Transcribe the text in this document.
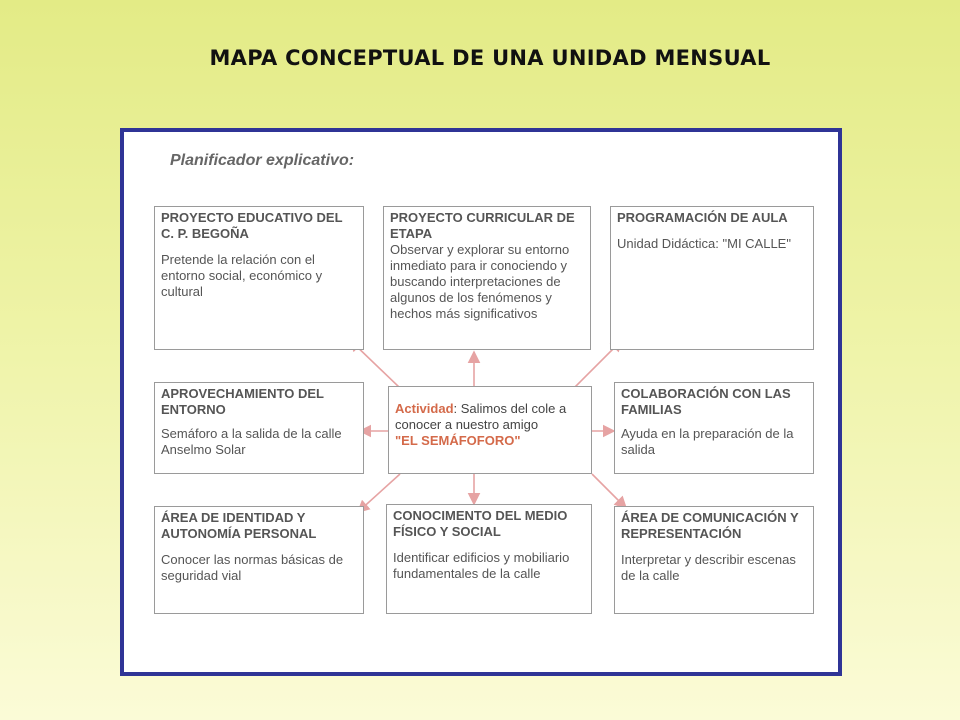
MAPA CONCEPTUAL DE UNA UNIDAD MENSUAL
Planificador explicativo:
PROYECTO EDUCATIVO DEL C. P. BEGOÑA
Pretende la relación con el entorno social, económico y cultural
PROYECTO CURRICULAR DE ETAPA
Observar y explorar su entorno inmediato para ir conociendo y buscando interpretaciones de algunos de los fenómenos y hechos más significativos
PROGRAMACIÓN DE AULA
Unidad Didáctica: "MI CALLE"
APROVECHAMIENTO DEL ENTORNO
Semáforo a la salida de la calle Anselmo Solar
Actividad: Salimos del cole a conocer a nuestro amigo
"EL SEMÁFOFORO"
COLABORACIÓN CON LAS FAMILIAS
Ayuda en la preparación de la salida
ÁREA DE IDENTIDAD Y AUTONOMÍA PERSONAL
Conocer las normas básicas de seguridad vial
CONOCIMENTO DEL MEDIO FÍSICO Y SOCIAL
Identificar edificios y mobiliario fundamentales de la calle
ÁREA DE COMUNICACIÓN Y REPRESENTACIÓN
Interpretar y describir escenas de la calle
